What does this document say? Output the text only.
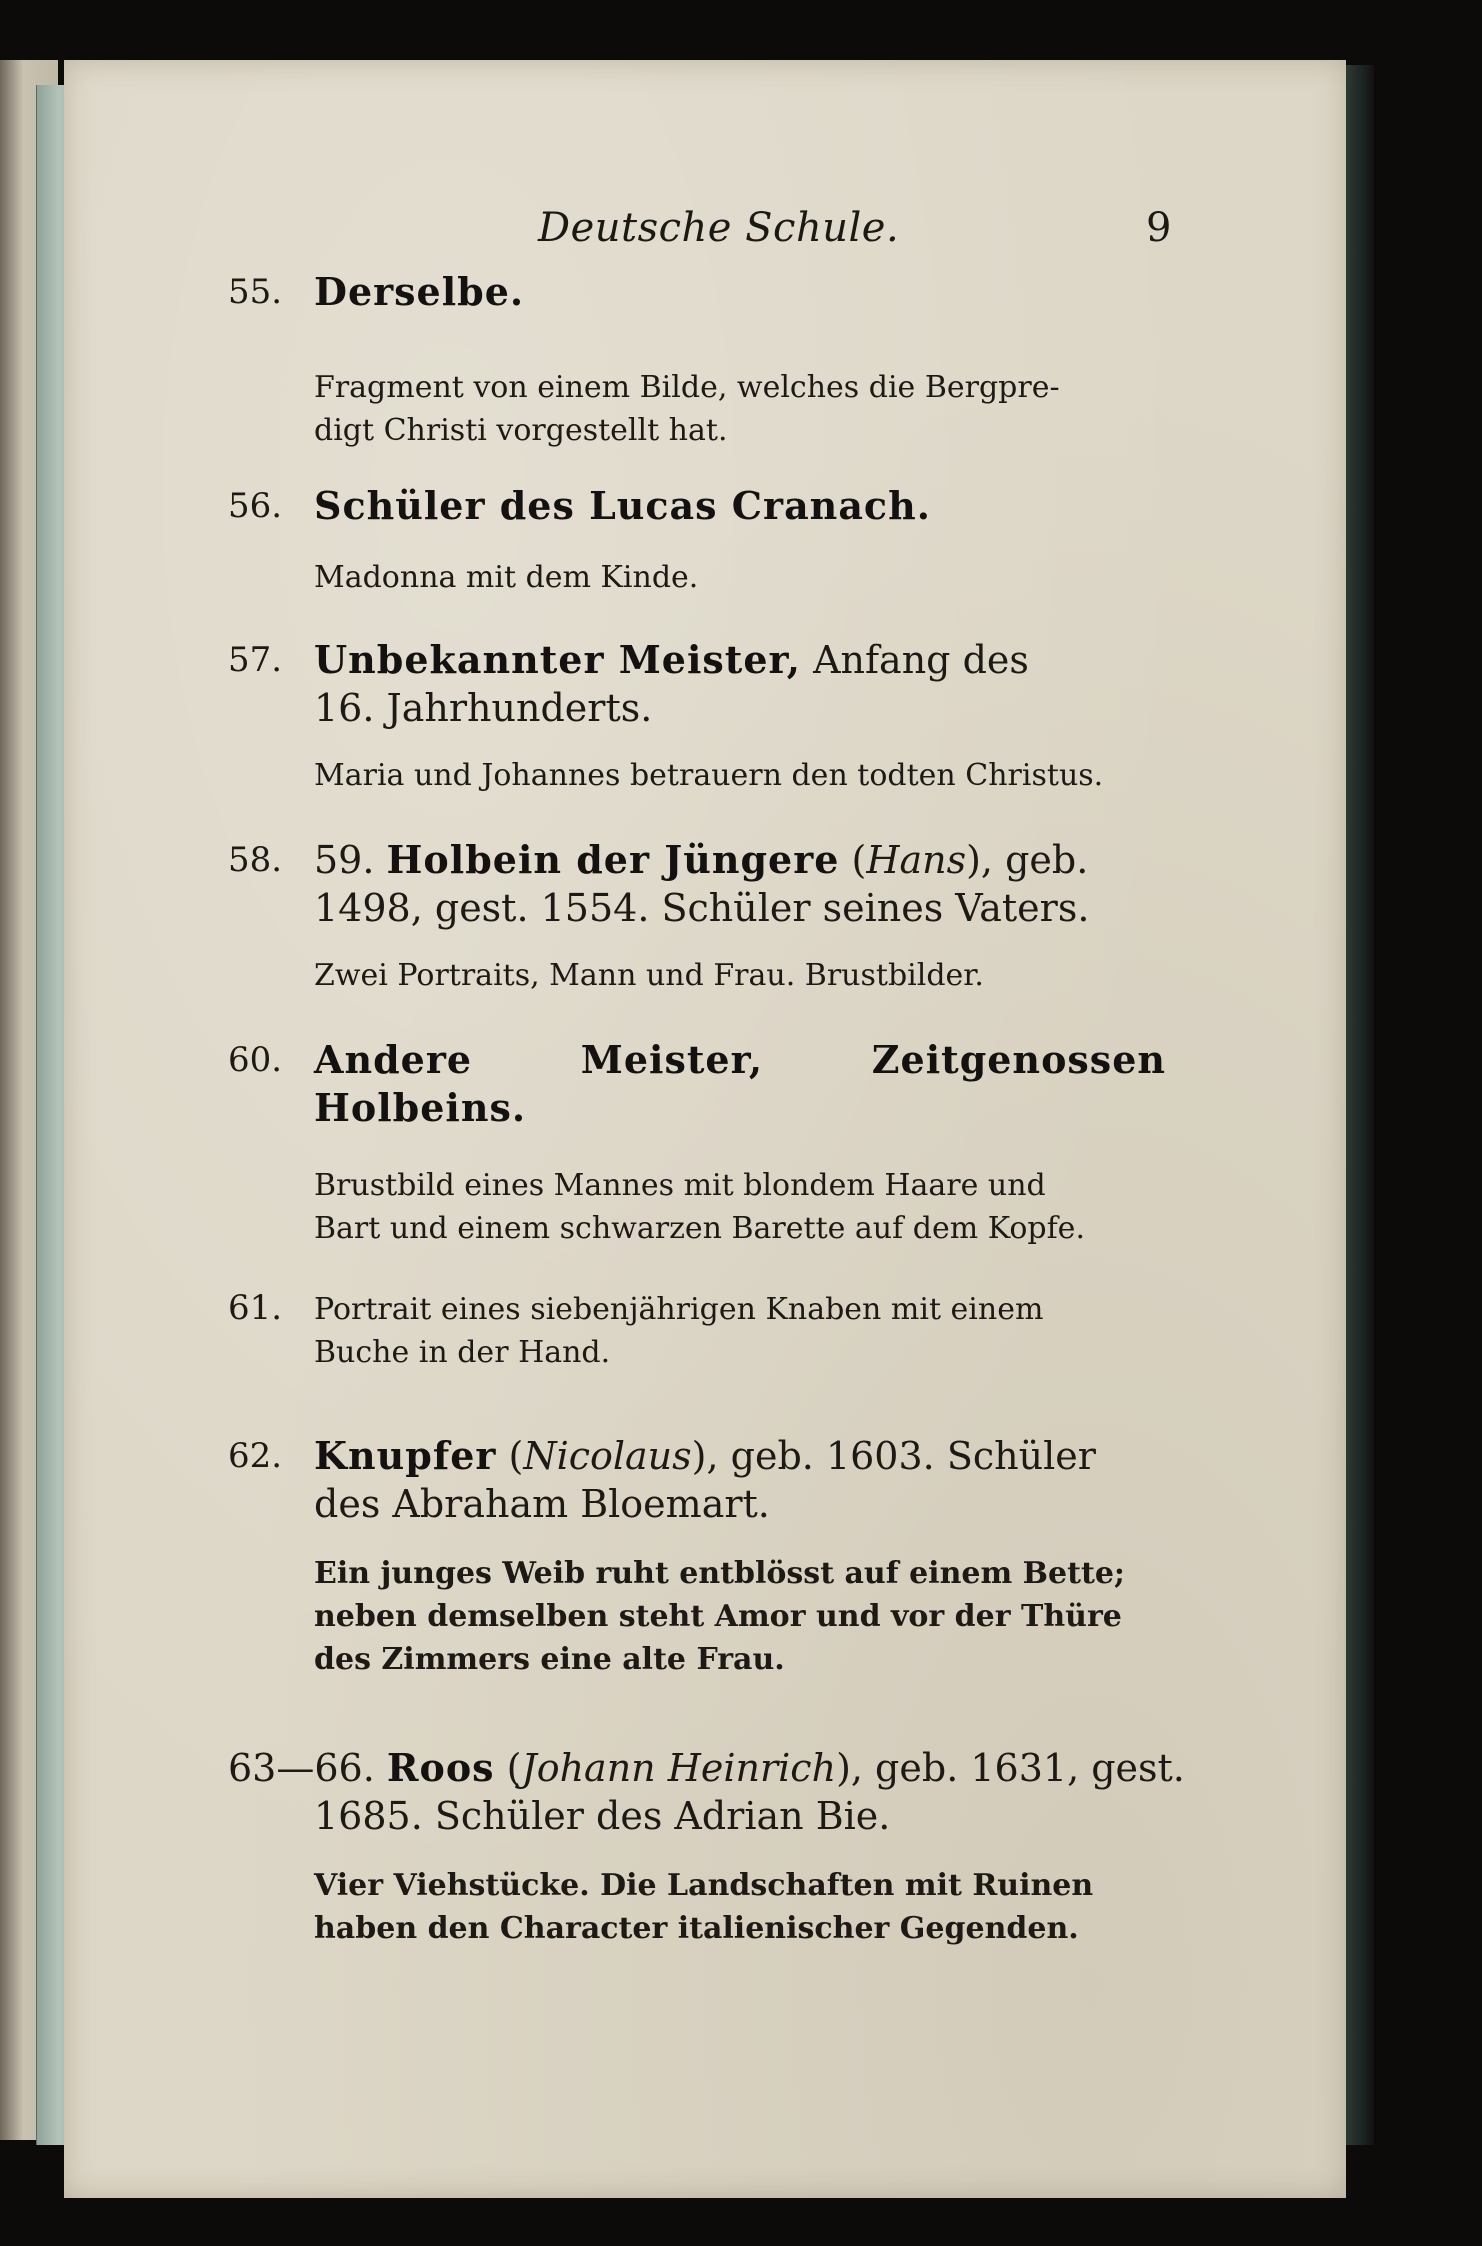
Deutsche Schule.	9
55. Derselbe.
Fragment von einem Bilde, welches die Bergpre-
digt Christi vorgestellt hat.
56. Schüler des Lucas Cranach.
Madonna mit dem Kinde.
57. Unbekannter Meister, Anfang des
16. Jahrhunderts.
Maria und Johannes betrauern den todten Christus.
58. 59. Holbein der Jüngere (Hans), geb.
1498, gest. 1554. Schüler seines Vaters.
Zwei Portraits, Mann und Frau. Brustbilder.
60. Andere Meister, Zeitgenossen
Holbeins.
Brustbild eines Mannes mit blondem Haare und
Bart und einem schwarzen Barette auf dem Kopfe.
61. Portrait eines siebenjährigen Knaben mit einem
Buche in der Hand.
62. Knupfer (Nicolaus), geb. 1603. Schüler
des Abraham Bloemart.
Ein junges Weib ruht entblösst auf einem Bette;
neben demselben steht Amor und vor der Thüre
des Zimmers eine alte Frau.
63—66. Roos (Johann Heinrich), geb. 1631, gest.
1685. Schüler des Adrian Bie.
Vier Viehstücke. Die Landschaften mit Ruinen
haben den Character italienischer Gegenden.
